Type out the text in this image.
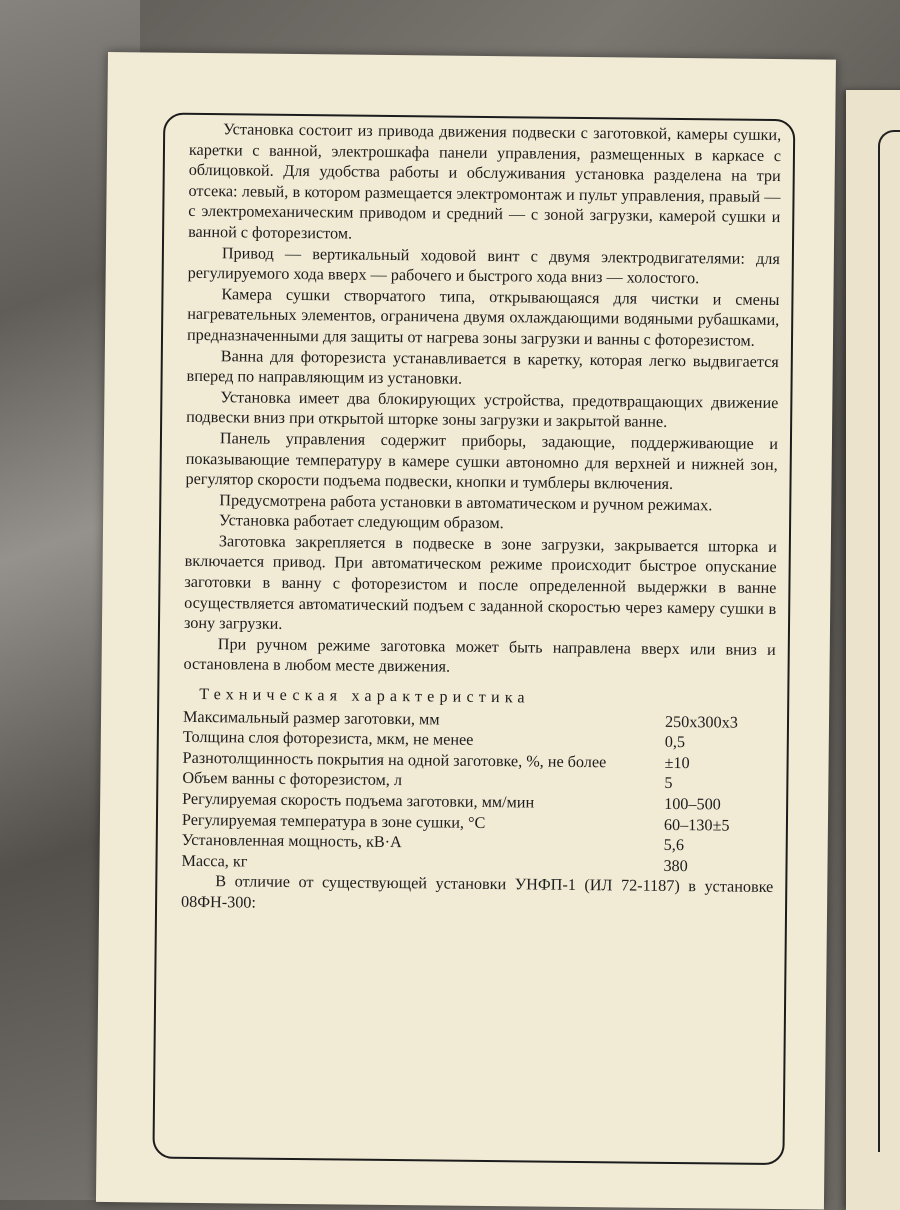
Установка состоит из привода движения подвески с заготовкой, камеры сушки, каретки с ванной, электрошкафа панели управления, размещенных в каркасе с облицовкой. Для удобства работы и обслуживания установка разделена на три отсека: левый, в котором размещается электромонтаж и пульт управления, правый — с электромеханическим приводом и средний — с зоной загрузки, камерой сушки и ванной с фоторезистом.

Привод — вертикальный ходовой винт с двумя электродвигателями: для регулируемого хода вверх — рабочего и быстрого хода вниз — холостого.

Камера сушки створчатого типа, открывающаяся для чистки и смены нагревательных элементов, ограничена двумя охлаждающими водяными рубашками, предназначенными для защиты от нагрева зоны загрузки и ванны с фоторезистом.

Ванна для фоторезиста устанавливается в каретку, которая легко выдвигается вперед по направляющим из установки.

Установка имеет два блокирующих устройства, предотвращающих движение подвески вниз при открытой шторке зоны загрузки и закрытой ванне.

Панель управления содержит приборы, задающие, поддерживающие и показывающие температуру в камере сушки автономно для верхней и нижней зон, регулятор скорости подъема подвески, кнопки и тумблеры включения.

Предусмотрена работа установки в автоматическом и ручном режимах.

Установка работает следующим образом.

Заготовка закрепляется в подвеске в зоне загрузки, закрывается шторка и включается привод. При автоматическом режиме происходит быстрое опускание заготовки в ванну с фоторезистом и после определенной выдержки в ванне осуществляется автоматический подъем с заданной скоростью через камеру сушки в зону загрузки.

При ручном режиме заготовка может быть направлена вверх или вниз и остановлена в любом месте движения.

Техническая характеристика
Максимальный размер заготовки, мм	250x300x3
Толщина слоя фоторезиста, мкм, не менее	0,5
Разнотолщинность покрытия на одной заготовке, %, не более	±10
Объем ванны с фоторезистом, л	5
Регулируемая скорость подъема заготовки, мм/мин	100–500
Регулируемая температура в зоне сушки, °С	60–130±5
Установленная мощность, кВ·А	5,6
Масса, кг	380

В отличие от существующей установки УНФП-1 (ИЛ 72-1187) в установке 08ФН-300:
